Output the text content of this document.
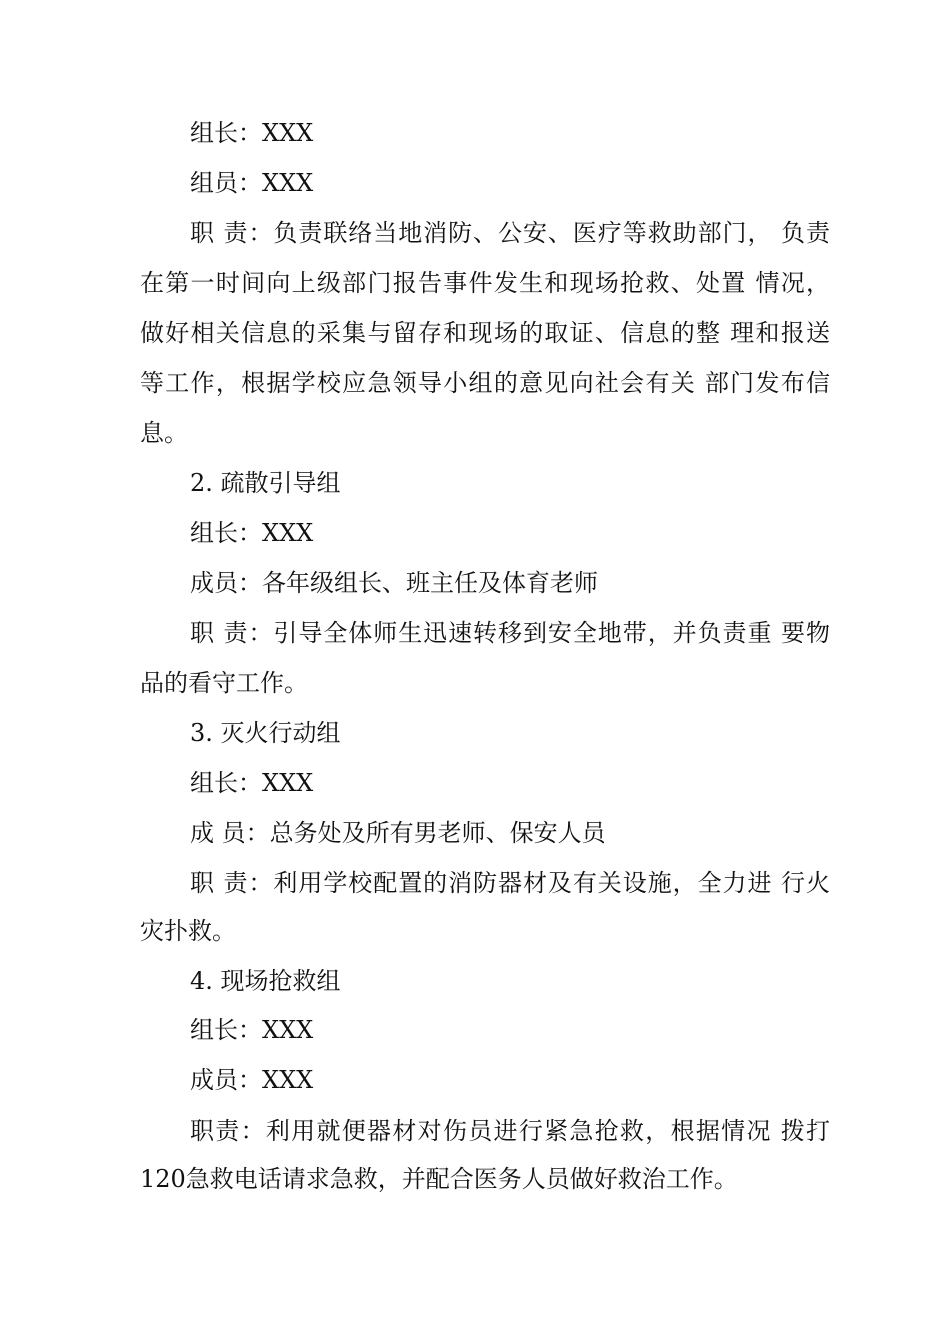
组长：XXX
组员：XXX
职 责：负责联络当地消防、公安、医疗等救助部门， 负责
在第一时间向上级部门报告事件发生和现场抢救、处置 情况，
做好相关信息的采集与留存和现场的取证、信息的整 理和报送
等工作，根据学校应急领导小组的意见向社会有关 部门发布信
息。
2. 疏散引导组
组长：XXX
成员：各年级组长、班主任及体育老师
职 责：引导全体师生迅速转移到安全地带，并负责重 要物
品的看守工作。
3. 灭火行动组
组长：XXX
成 员：总务处及所有男老师、保安人员
职 责：利用学校配置的消防器材及有关设施，全力进 行火
灾扑救。
4. 现场抢救组
组长：XXX
成员：XXX
职责：利用就便器材对伤员进行紧急抢救，根据情况 拨打
120急救电话请求急救，并配合医务人员做好救治工作。
